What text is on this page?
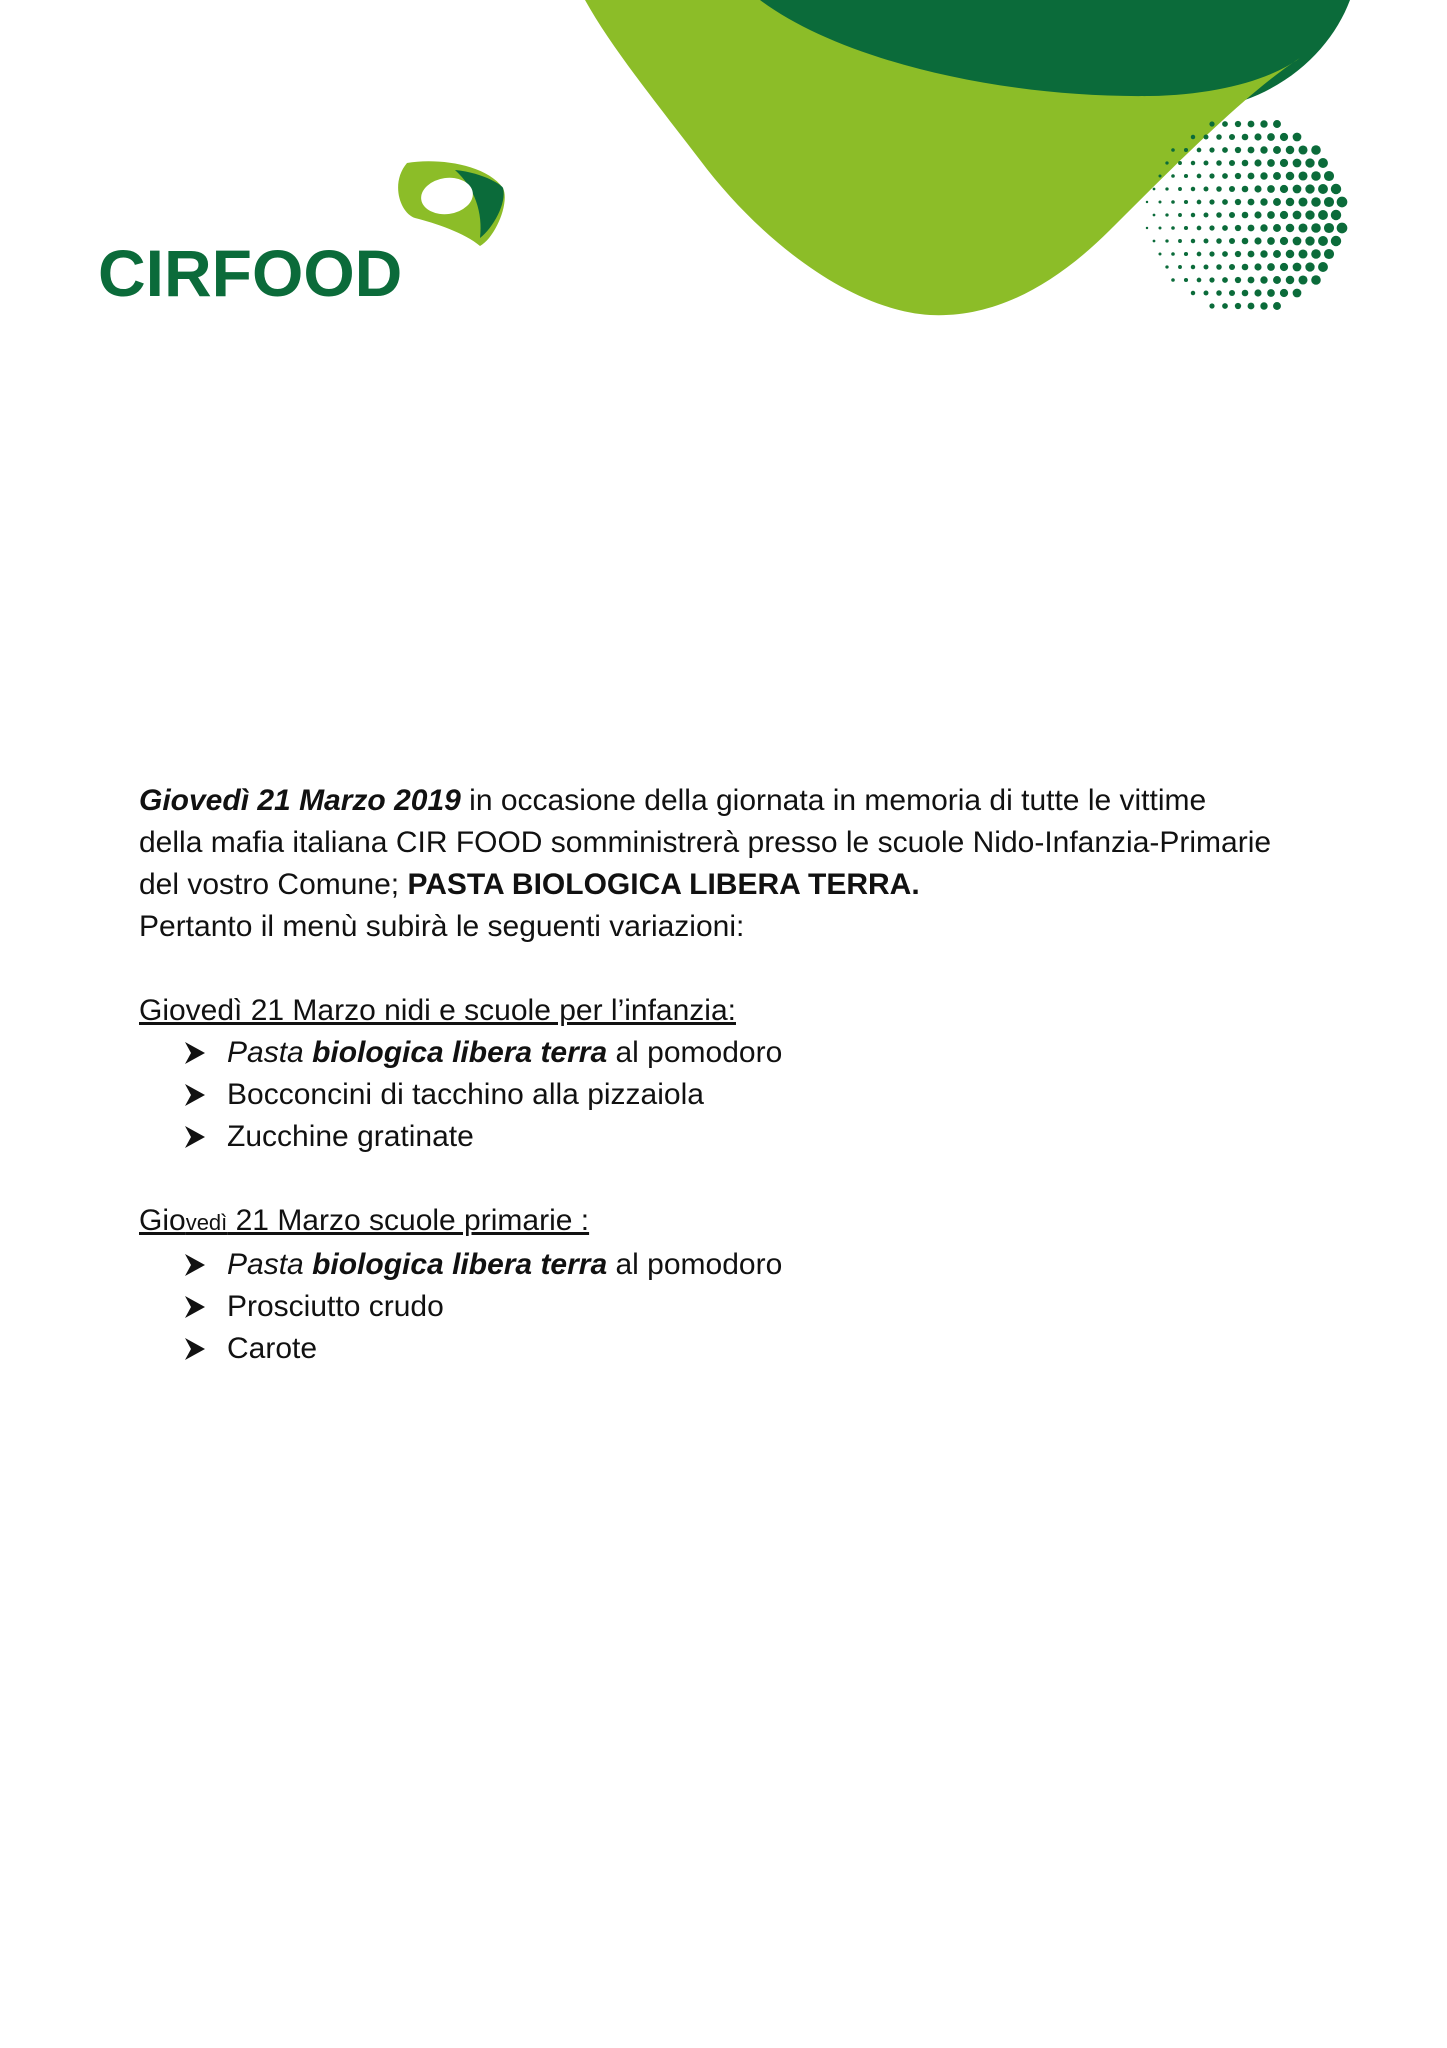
CIRFOOD

Giovedì 21 Marzo 2019 in occasione della giornata in memoria di tutte le vittime

della mafia italiana CIR FOOD somministrerà presso le scuole Nido-Infanzia-Primarie

del vostro Comune; PASTA BIOLOGICA LIBERA TERRA.

Pertanto il menù subirà le seguenti variazioni:

Giovedì 21 Marzo nidi e scuole per l’infanzia:

Pasta biologica libera terra al pomodoro
Bocconcini di tacchino alla pizzaiola
Zucchine gratinate

Giovedì 21 Marzo scuole primarie :

Pasta biologica libera terra al pomodoro
Prosciutto crudo
Carote
